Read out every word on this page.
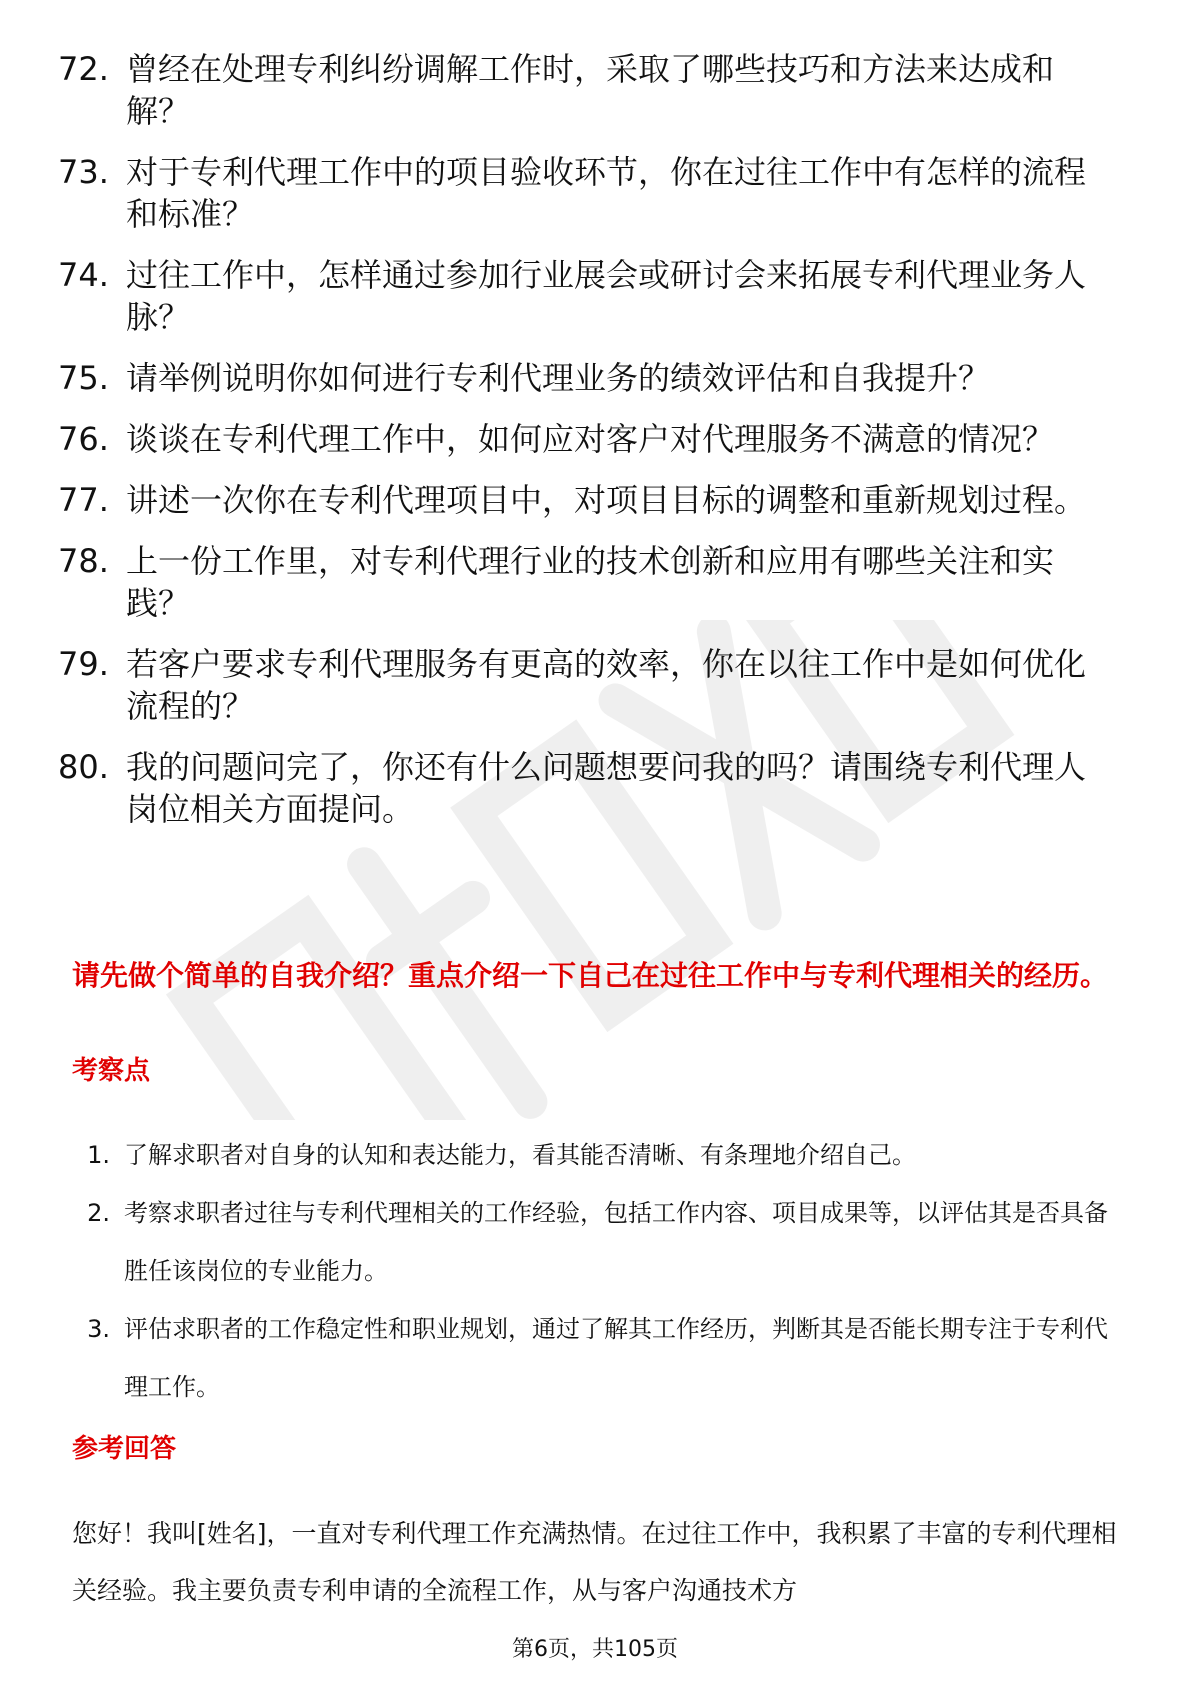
72. 曾经在处理专利纠纷调解工作时，采取了哪些技巧和方法来达成和解？
73. 对于专利代理工作中的项目验收环节，你在过往工作中有怎样的流程和标准？
74. 过往工作中，怎样通过参加行业展会或研讨会来拓展专利代理业务人脉？
75. 请举例说明你如何进行专利代理业务的绩效评估和自我提升？
76. 谈谈在专利代理工作中，如何应对客户对代理服务不满意的情况？
77. 讲述一次你在专利代理项目中，对项目目标的调整和重新规划过程。
78. 上一份工作里，对专利代理行业的技术创新和应用有哪些关注和实践？
79. 若客户要求专利代理服务有更高的效率，你在以往工作中是如何优化流程的？
80. 我的问题问完了，你还有什么问题想要问我的吗？请围绕专利代理人岗位相关方面提问。
请先做个简单的自我介绍？重点介绍一下自己在过往工作中与专利代理相关的经历。
考察点
1. 了解求职者对自身的认知和表达能力，看其能否清晰、有条理地介绍自己。
2. 考察求职者过往与专利代理相关的工作经验，包括工作内容、项目成果等，以评估其是否具备胜任该岗位的专业能力。
3. 评估求职者的工作稳定性和职业规划，通过了解其工作经历，判断其是否能长期专注于专利代理工作。
参考回答

您好！我叫[姓名]，一直对专利代理工作充满热情。在过往工作中，我积累了丰富的专利代理相关经验。我主要负责专利申请的全流程工作，从与客户沟通技术方

第6页，共105页
